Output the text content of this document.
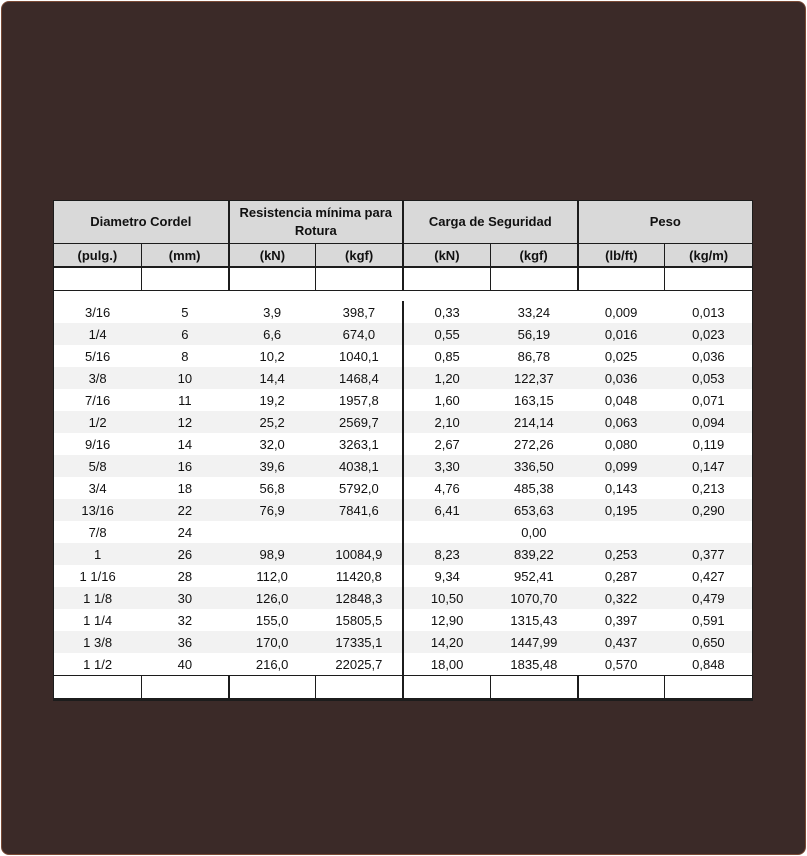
Diametro Cordel		Resistencia mínima para Rotura		Carga de Seguridad		Peso	
(pulg.)	(mm)	(kN)	(kgf)	(kN)	(kgf)	(lb/ft)	(kg/m)

3/16	5	3,9	398,7	0,33	33,24	0,009	0,013
1/4	6	6,6	674,0	0,55	56,19	0,016	0,023
5/16	8	10,2	1040,1	0,85	86,78	0,025	0,036
3/8	10	14,4	1468,4	1,20	122,37	0,036	0,053
7/16	11	19,2	1957,8	1,60	163,15	0,048	0,071
1/2	12	25,2	2569,7	2,10	214,14	0,063	0,094
9/16	14	32,0	3263,1	2,67	272,26	0,080	0,119
5/8	16	39,6	4038,1	3,30	336,50	0,099	0,147
3/4	18	56,8	5792,0	4,76	485,38	0,143	0,213
13/16	22	76,9	7841,6	6,41	653,63	0,195	0,290
7/8	24				0,00		
1	26	98,9	10084,9	8,23	839,22	0,253	0,377
1 1/16	28	112,0	11420,8	9,34	952,41	0,287	0,427
1 1/8	30	126,0	12848,3	10,50	1070,70	0,322	0,479
1 1/4	32	155,0	15805,5	12,90	1315,43	0,397	0,591
1 3/8	36	170,0	17335,1	14,20	1447,99	0,437	0,650
1 1/2	40	216,0	22025,7	18,00	1835,48	0,570	0,848
